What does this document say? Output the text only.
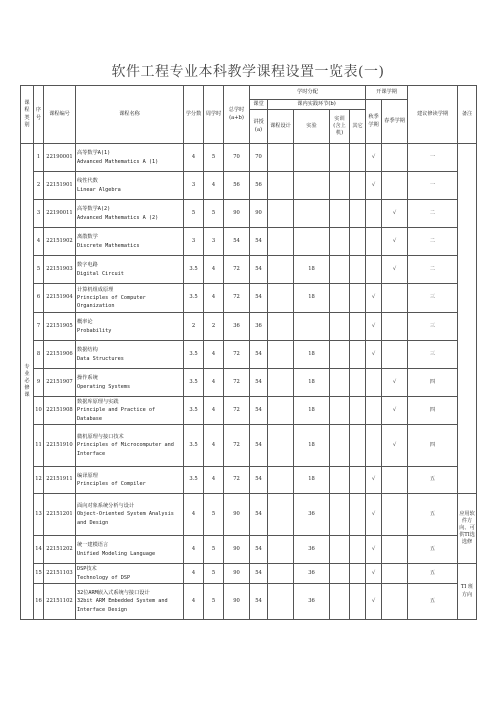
软件工程专业本科教学课程设置一览表(一)
课程类别	序号	课程编号	课程名称	学分数	周学时	总学时
(a+b)	学时分配					开课学期		建议修读学期	备注
							课堂	课内实践环节(b)				秋季学期	春季学期		
							讲授
(a)	课程设计	实验	实训
(含上机)	其它				
专业必修课	1	22190001	高等数学A(1)
Advanced Mathematics A (1)	4	5	70	70					√		一	
	2	22151901	线性代数
Linear Algebra	3	4	56	56					√		一	
	3	22190011	高等数学A(2)
Advanced Mathematics A (2)	5	5	90	90						√	二	
	4	22151902	离散数学
Discrete Mathematics	3	3	54	54						√	二	
	5	22151903	数字电路
Digital Circuit	3.5	4	72	54		18				√	二	
	6	22151904	计算机组成原理
Principles of Computer Organization	3.5	4	72	54		18			√		三	
	7	22151905	概率论
Probability	2	2	36	36					√		三	
	8	22151906	数据结构
Data Structures	3.5	4	72	54		18			√		三	
	9	22151907	操作系统
Operating Systems	3.5	4	72	54		18				√	四	
	10	22151908	数据库原理与实践
Principle and Practice of Database	3.5	4	72	54		18				√	四	
	11	22151910	微机原理与接口技术
Principles of Microcomputer and Interface	3.5	4	72	54		18				√	四	
	12	22151911	编译原理
Principles of Compiler	3.5	4	72	54		18			√		五	
	13	22151201	面向对象系统分析与设计
Object-Oriented System Analysis and Design	4	5	90	54		36			√		五	应用软件方向、可供TI选选修
	14	22151202	统一建模语言
Unified Modeling Language	4	5	90	54		36			√		五	
	15	22151103	DSP技术
Technology of DSP	4	5	90	54		36			√		五	TI 班方向
	16	22151102	32位ARM嵌入式系统与接口设计
32bit ARM Embedded System and Interface Design	4	5	90	54		36			√		五	
